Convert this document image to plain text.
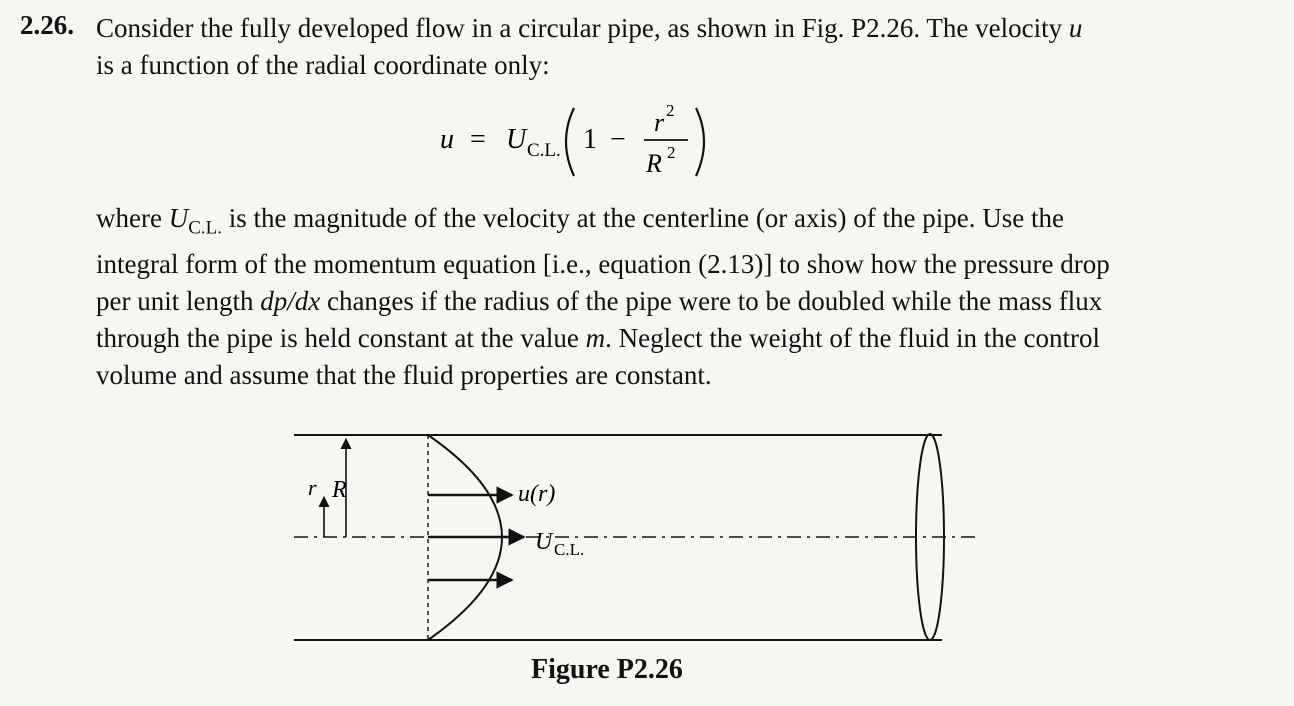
2.26. Consider the fully developed flow in a circular pipe, as shown in Fig. P2.26. The velocity u
is a function of the radial coordinate only:
u = U C.L. 1 −
r 2
R 2
where $U_{C.L.}$ is the magnitude of the velocity at the centerline (or axis) of the pipe. Use the
integral form of the momentum equation [i.e., equation (2.13)] to show how the pressure drop
per unit length dp/dx changes if the radius of the pipe were to be doubled while the mass flux
through the pipe is held constant at the value m. Neglect the weight of the fluid in the control
volume and assume that the fluid properties are constant.
R
r	u(r)
U C.L.
Figure P2.26
